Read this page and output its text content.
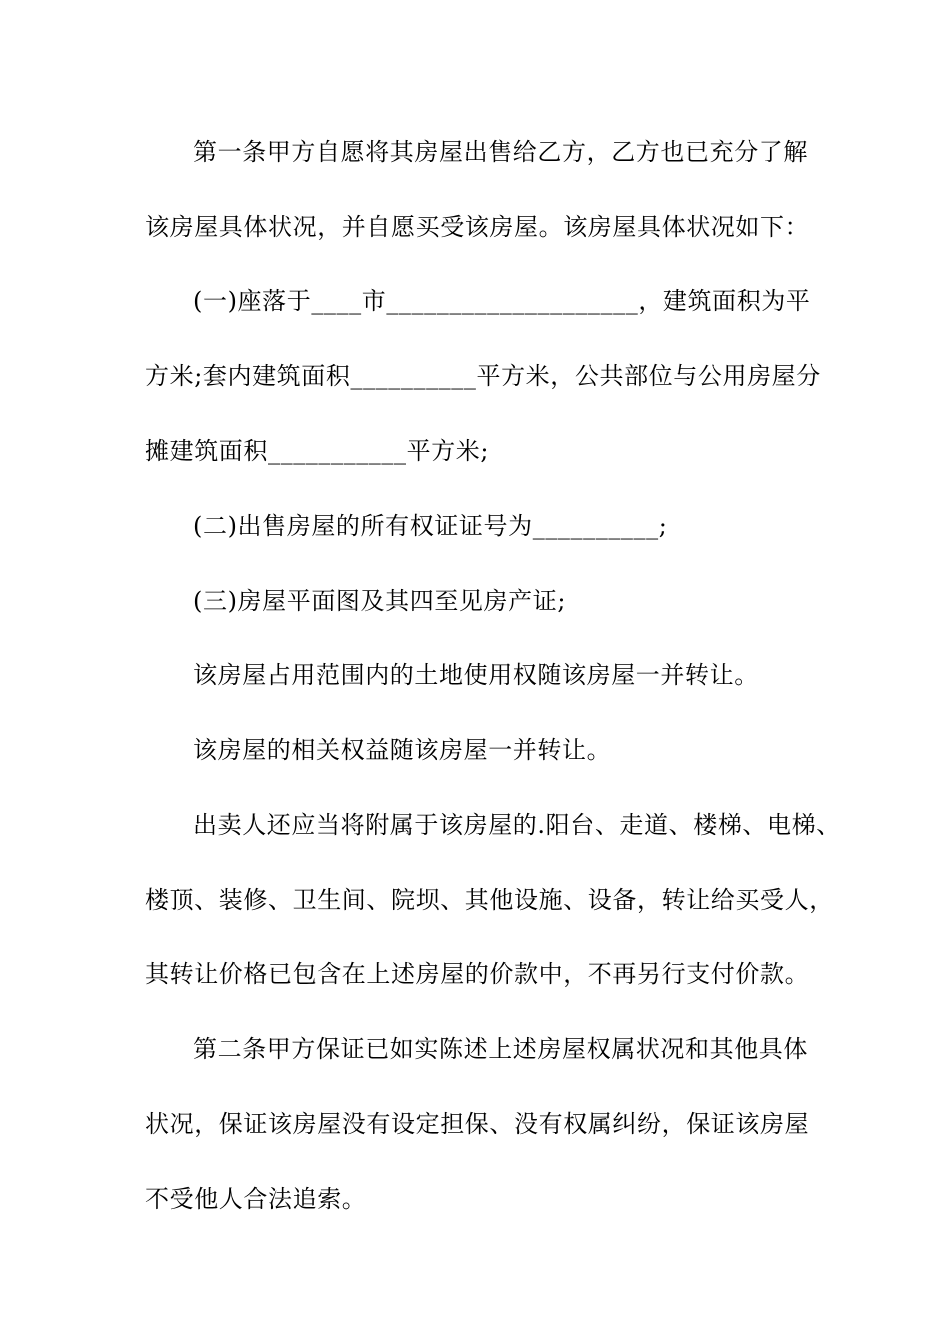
第一条甲方自愿将其房屋出售给乙方，乙方也已充分了解
该房屋具体状况，并自愿买受该房屋。该房屋具体状况如下：
(一)座落于____市____________________，建筑面积为平
方米;套内建筑面积__________平方米，公共部位与公用房屋分
摊建筑面积___________平方米;
(二)出售房屋的所有权证证号为__________;
(三)房屋平面图及其四至见房产证;
该房屋占用范围内的土地使用权随该房屋一并转让。
该房屋的相关权益随该房屋一并转让。
出卖人还应当将附属于该房屋的.阳台、走道、楼梯、电梯、
楼顶、装修、卫生间、院坝、其他设施、设备，转让给买受人，
其转让价格已包含在上述房屋的价款中，不再另行支付价款。
第二条甲方保证已如实陈述上述房屋权属状况和其他具体
状况，保证该房屋没有设定担保、没有权属纠纷，保证该房屋
不受他人合法追索。
